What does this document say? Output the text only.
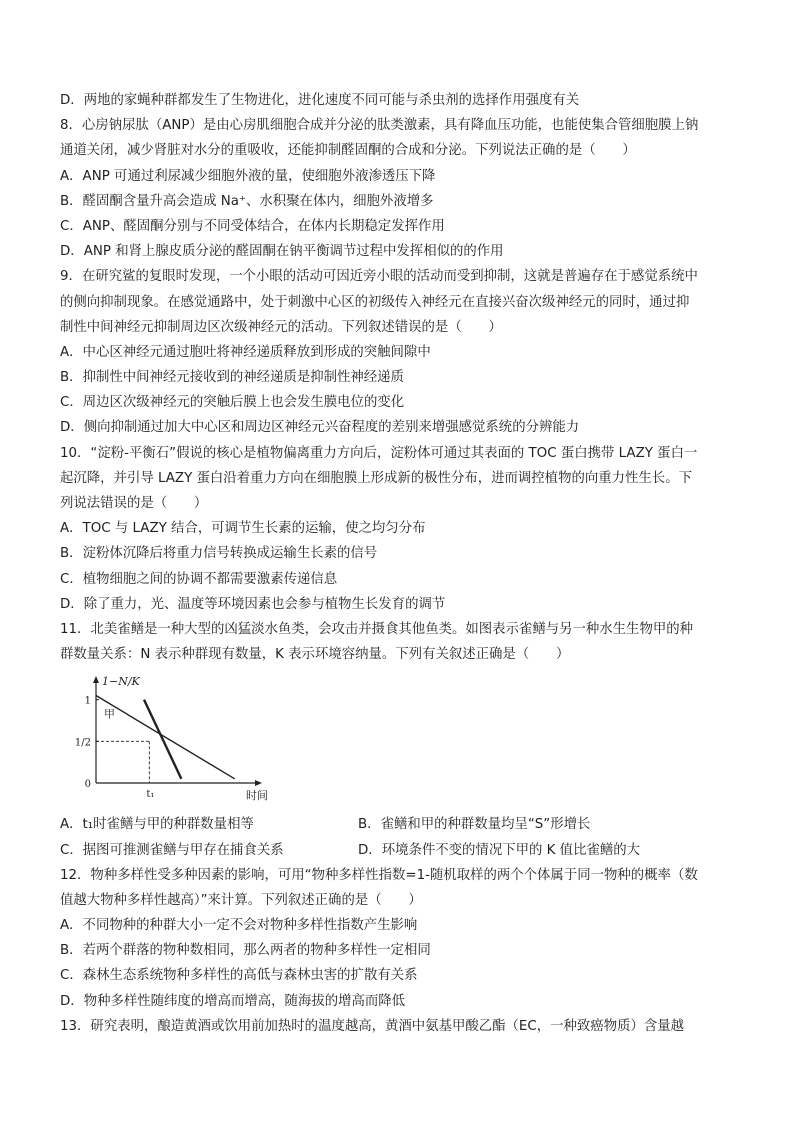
D．两地的家蝇种群都发生了生物进化，进化速度不同可能与杀虫剂的选择作用强度有关
8．心房钠尿肽（ANP）是由心房肌细胞合成并分泌的肽类激素，具有降血压功能，也能使集合管细胞膜上钠
通道关闭，减少肾脏对水分的重吸收，还能抑制醛固酮的合成和分泌。下列说法正确的是（　　）
A．ANP 可通过利尿减少细胞外液的量，使细胞外液渗透压下降
B．醛固酮含量升高会造成 Na⁺、水积聚在体内，细胞外液增多
C．ANP、醛固酮分别与不同受体结合，在体内长期稳定发挥作用
D．ANP 和肾上腺皮质分泌的醛固酮在钠平衡调节过程中发挥相似的的作用
9．在研究鲨的复眼时发现，一个小眼的活动可因近旁小眼的活动而受到抑制，这就是普遍存在于感觉系统中
的侧向抑制现象。在感觉通路中，处于刺激中心区的初级传入神经元在直接兴奋次级神经元的同时，通过抑
制性中间神经元抑制周边区次级神经元的活动。下列叙述错误的是（　　）
A．中心区神经元通过胞吐将神经递质释放到形成的突触间隙中
B．抑制性中间神经元接收到的神经递质是抑制性神经递质
C．周边区次级神经元的突触后膜上也会发生膜电位的变化
D．侧向抑制通过加大中心区和周边区神经元兴奋程度的差别来增强感觉系统的分辨能力
10．“淀粉-平衡石”假说的核心是植物偏离重力方向后，淀粉体可通过其表面的 TOC 蛋白携带 LAZY 蛋白一
起沉降，并引导 LAZY 蛋白沿着重力方向在细胞膜上形成新的极性分布，进而调控植物的向重力性生长。下
列说法错误的是（　　）
A．TOC 与 LAZY 结合，可调节生长素的运输，使之均匀分布
B．淀粉体沉降后将重力信号转换成运输生长素的信号
C．植物细胞之间的协调不都需要激素传递信息
D．除了重力，光、温度等环境因素也会参与植物生长发育的调节
11．北美雀鳝是一种大型的凶猛淡水鱼类，会攻击并摄食其他鱼类。如图表示雀鳝与另一种水生生物甲的种
群数量关系：N 表示种群现有数量，K 表示环境容纳量。下列有关叙述正确是（　　）
1−N/K
时间
1
1/2
0
t₁
甲
A．t₁时雀鳝与甲的种群数量相等	B．雀鳝和甲的种群数量均呈“S”形增长
C．据图可推测雀鳝与甲存在捕食关系	D．环境条件不变的情况下甲的 K 值比雀鳝的大
12．物种多样性受多种因素的影响，可用“物种多样性指数=1-随机取样的两个个体属于同一物种的概率（数
值越大物种多样性越高）”来计算。下列叙述正确的是（　　）
A．不同物种的种群大小一定不会对物种多样性指数产生影响
B．若两个群落的物种数相同，那么两者的物种多样性一定相同
C．森林生态系统物种多样性的高低与森林虫害的扩散有关系
D．物种多样性随纬度的增高而增高，随海拔的增高而降低
13．研究表明，酿造黄酒或饮用前加热时的温度越高，黄酒中氨基甲酸乙酯（EC，一种致癌物质）含量越
